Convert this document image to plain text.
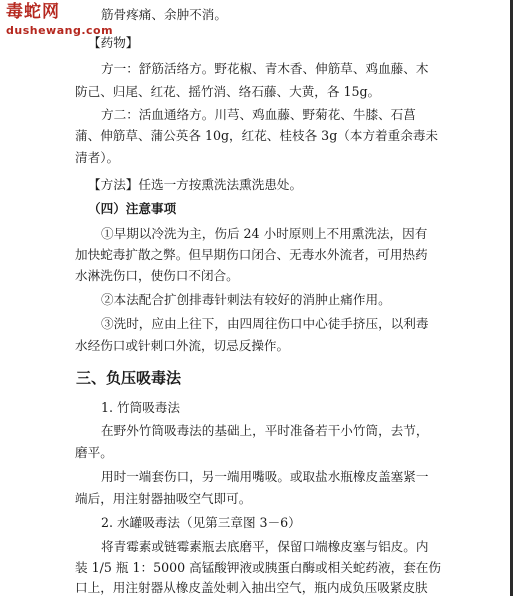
毒蛇网
dushewang.com
筋骨疼痛、余肿不消。
【药物】
方一：舒筋活络方。野花椒、青木香、伸筋草、鸡血藤、木
防己、归尾、红花、摇竹消、络石藤、大黄，各 15g。
方二：活血通络方。川芎、鸡血藤、野菊花、牛膝、石菖
蒲、伸筋草、蒲公英各 10g，红花、桂枝各 3g（本方着重余毒未
清者）。
【方法】任选一方按熏洗法熏洗患处。
（四）注意事项
①早期以冷洗为主，伤后 24 小时原则上不用熏洗法，因有
加快蛇毒扩散之弊。但早期伤口闭合、无毒水外流者，可用热药
水淋洗伤口，使伤口不闭合。
②本法配合扩创排毒针刺法有较好的消肿止痛作用。
③洗时，应由上往下，由四周往伤口中心徒手挤压，以利毒
水经伤口或针刺口外流，切忌反操作。
三、负压吸毒法
1. 竹筒吸毒法
在野外竹筒吸毒法的基础上，平时准备若干小竹筒，去节，
磨平。
用时一端套伤口，另一端用嘴吸。或取盐水瓶橡皮盖塞紧一
端后，用注射器抽吸空气即可。
2. 水罐吸毒法（见第三章图 3－6）
将青霉素或链霉素瓶去底磨平，保留口端橡皮塞与铝皮。内
装 1/5 瓶 1：5000 高锰酸钾液或胰蛋白酶或相关蛇药液，套在伤
口上，用注射器从橡皮盖处刺入抽出空气，瓶内成负压吸紧皮肤
